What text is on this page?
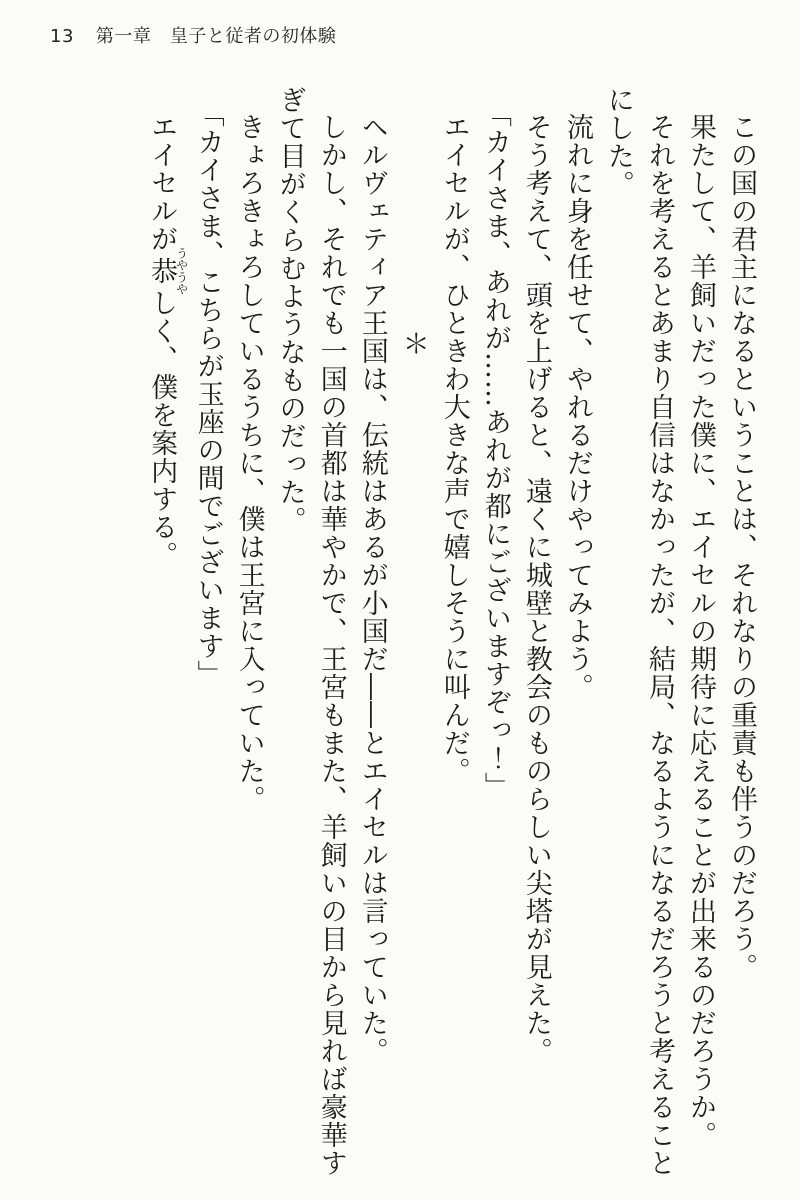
13 第一章　皇子と従者の初体験

この国の君主になるということは、それなりの重責も伴うのだろう。

果たして、羊飼いだった僕に、エイセルの期待に応えることが出来るのだろうか。

それを考えるとあまり自信はなかったが、結局、なるようになるだろうと考えることにした。

流れに身を任せて、やれるだけやってみよう。

そう考えて、頭を上げると、遠くに城壁と教会のものらしい尖塔が見えた。

「カイさま、あれが……あれが都にございますぞっ！」

エイセルが、ひときわ大きな声で嬉しそうに叫んだ。

＊

ヘルヴェティア王国は、伝統はあるが小国だ――とエイセルは言っていた。

しかし、それでも一国の首都は華やかで、王宮もまた、羊飼いの目から見れば豪華すぎて目がくらむようなものだった。

きょろきょろしているうちに、僕は王宮に入っていた。

「カイさま、こちらが玉座の間でございます」

エイセルが恭うやうやしく、僕を案内する。
